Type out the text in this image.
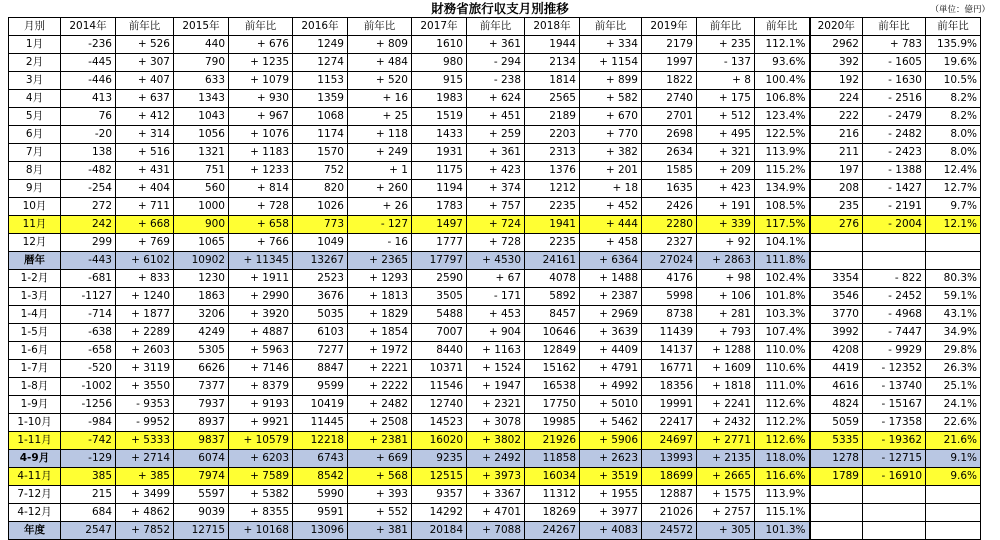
財務省旅行収支月別推移	（単位：億円）
月別	2014年	前年比	2015年	前年比	2016年	前年比	2017年	前年比	2018年	前年比	2019年	前年比	前年比	2020年	前年比	前年比
1月	-236	+ 526	440	+ 676	1249	+ 809	1610	+ 361	1944	+ 334	2179	+ 235	112.1%	2962	+ 783	135.9%
2月	-445	+ 307	790	+ 1235	1274	+ 484	980	- 294	2134	+ 1154	1997	- 137	93.6%	392	- 1605	19.6%
3月	-446	+ 407	633	+ 1079	1153	+ 520	915	- 238	1814	+ 899	1822	+ 8	100.4%	192	- 1630	10.5%
4月	413	+ 637	1343	+ 930	1359	+ 16	1983	+ 624	2565	+ 582	2740	+ 175	106.8%	224	- 2516	8.2%
5月	76	+ 412	1043	+ 967	1068	+ 25	1519	+ 451	2189	+ 670	2701	+ 512	123.4%	222	- 2479	8.2%
6月	-20	+ 314	1056	+ 1076	1174	+ 118	1433	+ 259	2203	+ 770	2698	+ 495	122.5%	216	- 2482	8.0%
7月	138	+ 516	1321	+ 1183	1570	+ 249	1931	+ 361	2313	+ 382	2634	+ 321	113.9%	211	- 2423	8.0%
8月	-482	+ 431	751	+ 1233	752	+ 1	1175	+ 423	1376	+ 201	1585	+ 209	115.2%	197	- 1388	12.4%
9月	-254	+ 404	560	+ 814	820	+ 260	1194	+ 374	1212	+ 18	1635	+ 423	134.9%	208	- 1427	12.7%
10月	272	+ 711	1000	+ 728	1026	+ 26	1783	+ 757	2235	+ 452	2426	+ 191	108.5%	235	- 2191	9.7%
11月	242	+ 668	900	+ 658	773	- 127	1497	+ 724	1941	+ 444	2280	+ 339	117.5%	276	- 2004	12.1%
12月	299	+ 769	1065	+ 766	1049	- 16	1777	+ 728	2235	+ 458	2327	+ 92	104.1%			
暦年	-443	+ 6102	10902	+ 11345	13267	+ 2365	17797	+ 4530	24161	+ 6364	27024	+ 2863	111.8%			
1-2月	-681	+ 833	1230	+ 1911	2523	+ 1293	2590	+ 67	4078	+ 1488	4176	+ 98	102.4%	3354	- 822	80.3%
1-3月	-1127	+ 1240	1863	+ 2990	3676	+ 1813	3505	- 171	5892	+ 2387	5998	+ 106	101.8%	3546	- 2452	59.1%
1-4月	-714	+ 1877	3206	+ 3920	5035	+ 1829	5488	+ 453	8457	+ 2969	8738	+ 281	103.3%	3770	- 4968	43.1%
1-5月	-638	+ 2289	4249	+ 4887	6103	+ 1854	7007	+ 904	10646	+ 3639	11439	+ 793	107.4%	3992	- 7447	34.9%
1-6月	-658	+ 2603	5305	+ 5963	7277	+ 1972	8440	+ 1163	12849	+ 4409	14137	+ 1288	110.0%	4208	- 9929	29.8%
1-7月	-520	+ 3119	6626	+ 7146	8847	+ 2221	10371	+ 1524	15162	+ 4791	16771	+ 1609	110.6%	4419	- 12352	26.3%
1-8月	-1002	+ 3550	7377	+ 8379	9599	+ 2222	11546	+ 1947	16538	+ 4992	18356	+ 1818	111.0%	4616	- 13740	25.1%
1-9月	-1256	- 9353	7937	+ 9193	10419	+ 2482	12740	+ 2321	17750	+ 5010	19991	+ 2241	112.6%	4824	- 15167	24.1%
1-10月	-984	- 9952	8937	+ 9921	11445	+ 2508	14523	+ 3078	19985	+ 5462	22417	+ 2432	112.2%	5059	- 17358	22.6%
1-11月	-742	+ 5333	9837	+ 10579	12218	+ 2381	16020	+ 3802	21926	+ 5906	24697	+ 2771	112.6%	5335	- 19362	21.6%
4-9月	-129	+ 2714	6074	+ 6203	6743	+ 669	9235	+ 2492	11858	+ 2623	13993	+ 2135	118.0%	1278	- 12715	9.1%
4-11月	385	+ 385	7974	+ 7589	8542	+ 568	12515	+ 3973	16034	+ 3519	18699	+ 2665	116.6%	1789	- 16910	9.6%
7-12月	215	+ 3499	5597	+ 5382	5990	+ 393	9357	+ 3367	11312	+ 1955	12887	+ 1575	113.9%			
4-12月	684	+ 4862	9039	+ 8355	9591	+ 552	14292	+ 4701	18269	+ 3977	21026	+ 2757	115.1%			
年度	2547	+ 7852	12715	+ 10168	13096	+ 381	20184	+ 7088	24267	+ 4083	24572	+ 305	101.3%			
